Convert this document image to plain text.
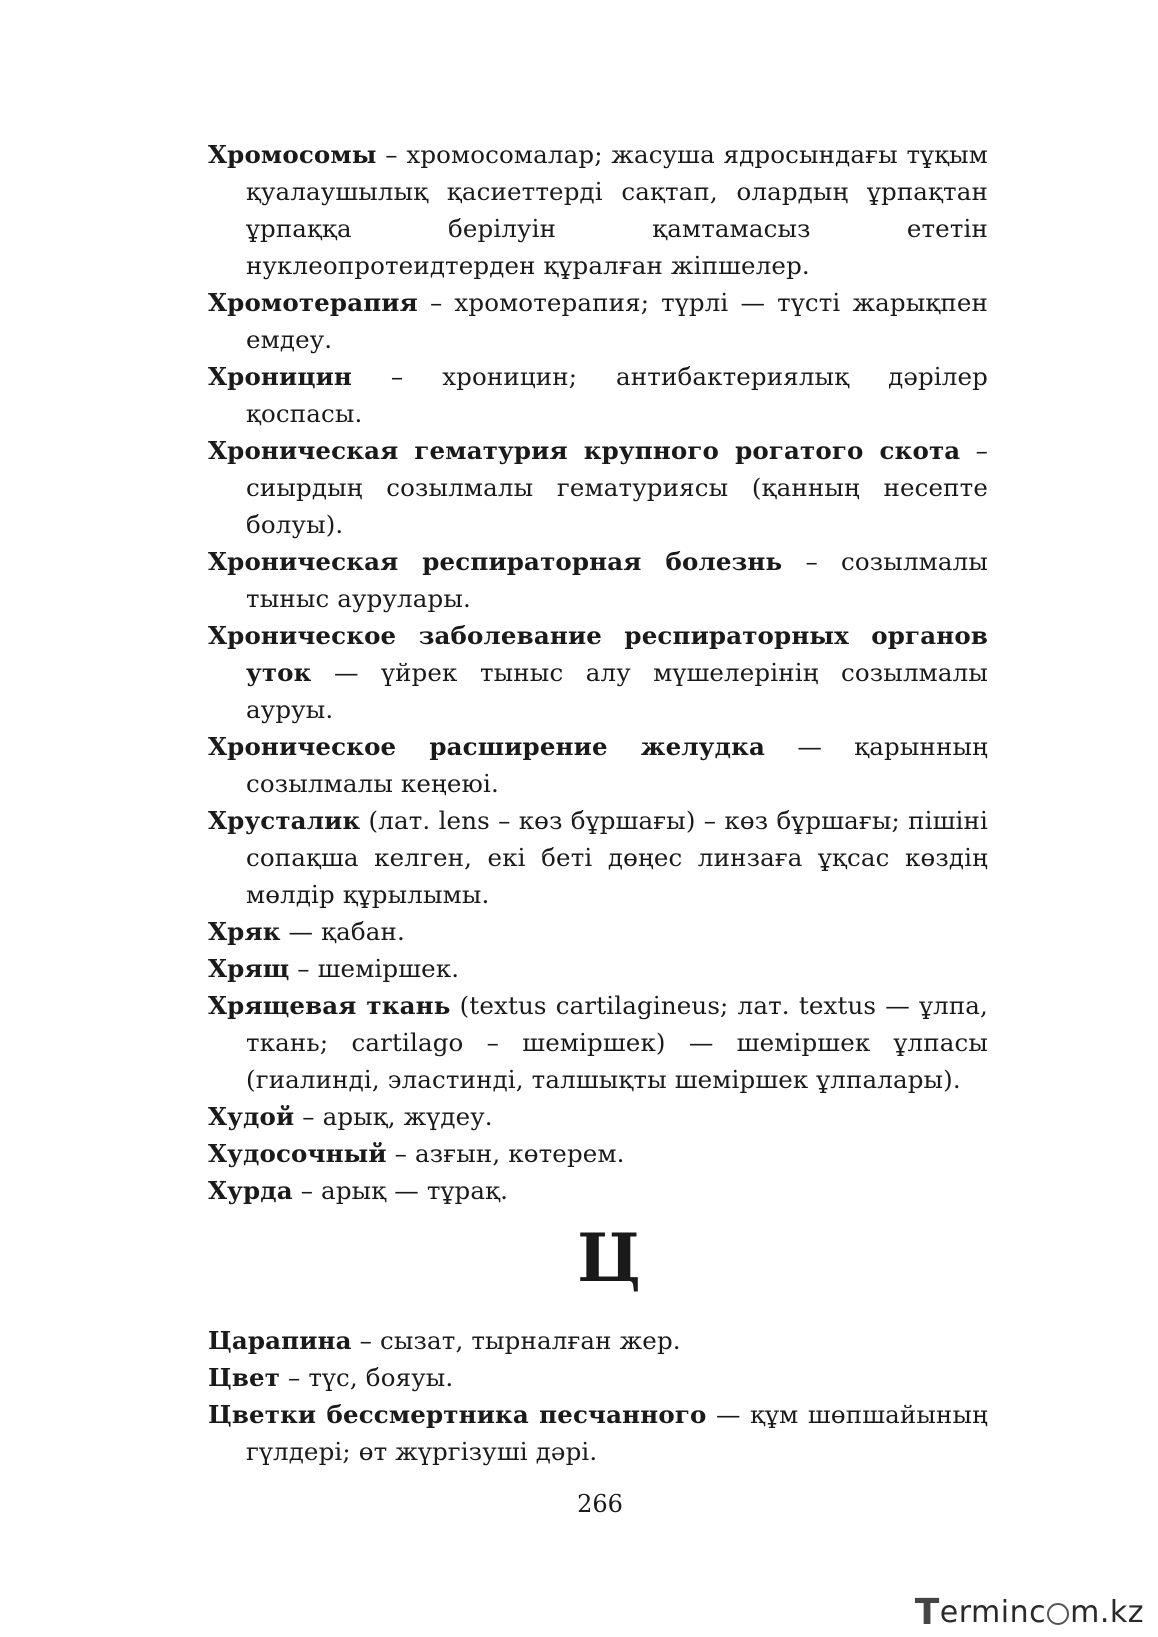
Хромосомы – хромосомалар; жасуша ядросындағы тұқым қуалаушылық қасиеттерді сақтап, олардың ұрпақтан ұрпаққа берілуін қамтамасыз ететін нуклеопротеидтерден құралған жіпшелер.

Хромотерапия – хромотерапия; түрлі — түсті жарықпен емдеу.

Хроницин – хроницин; антибактериялық дәрілер қоспасы.

Хроническая гематурия крупного рогатого скота – сиырдың созылмалы гематуриясы (қанның несепте болуы).

Хроническая респираторная болезнь – созылмалы тыныс аурулары.

Хроническое заболевание респираторных органов уток — үйрек тыныс алу мүшелерінің созылмалы ауруы.

Хроническое расширение желудка — қарынның созылмалы кеңеюі.

Хрусталик (лат. lens – көз бұршағы) – көз бұршағы; пішіні сопақша келген, екі беті дөңес линзаға ұқсас көздің мөлдір құрылымы.

Хряк — қабан.

Хрящ – шеміршек.

Хрящевая ткань (textus cartilagineus; лат. textus — ұлпа, ткань; cartilago – шеміршек) — шеміршек ұлпасы (гиалинді, эластинді, талшықты шеміршек ұлпалары).

Худой – арық, жүдеу.

Худосочный – азғын, көтерем.

Хурда – арық — тұрақ.

Ц

Царапина – сызат, тырналған жер.

Цвет – түс, бояуы.

Цветки бессмертника песчанного — құм шөпшайының гүлдері; өт жүргізуші дәрі.

266
T erminc m.kz
